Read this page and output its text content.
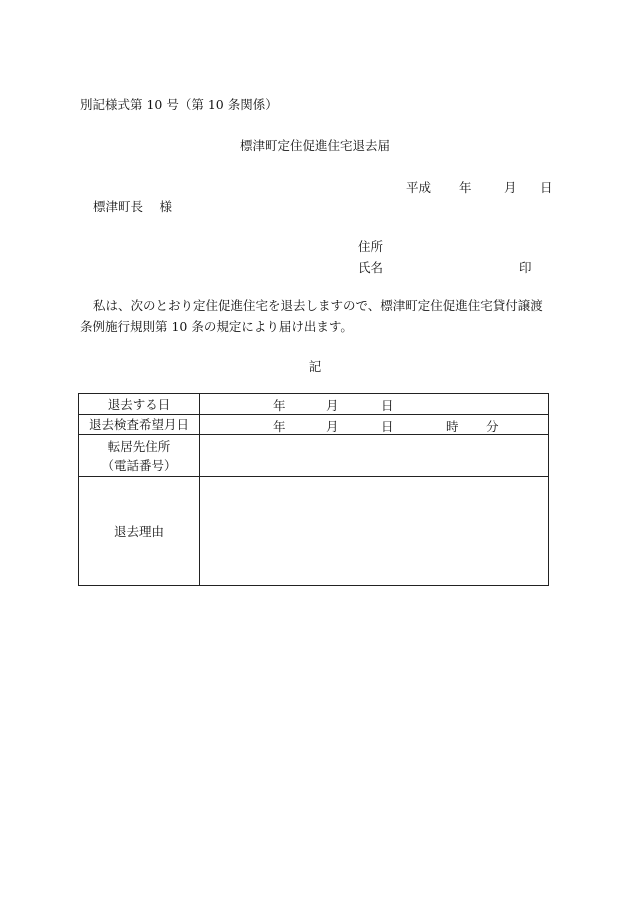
別記様式第 10 号（第 10 条関係）
標津町定住促進住宅退去届
平成 年	月 日
標津町長　 様
住所
氏名	印
私は、次のとおり定住促進住宅を退去しますので、標津町定住促進住宅貸付譲渡条例施行規則第 10 条の規定により届け出ます。
記
退去する日	年 月 日

退去検査希望月日	年 月 日 時 分

転居先住所
（電話番号）	

退去理由	
